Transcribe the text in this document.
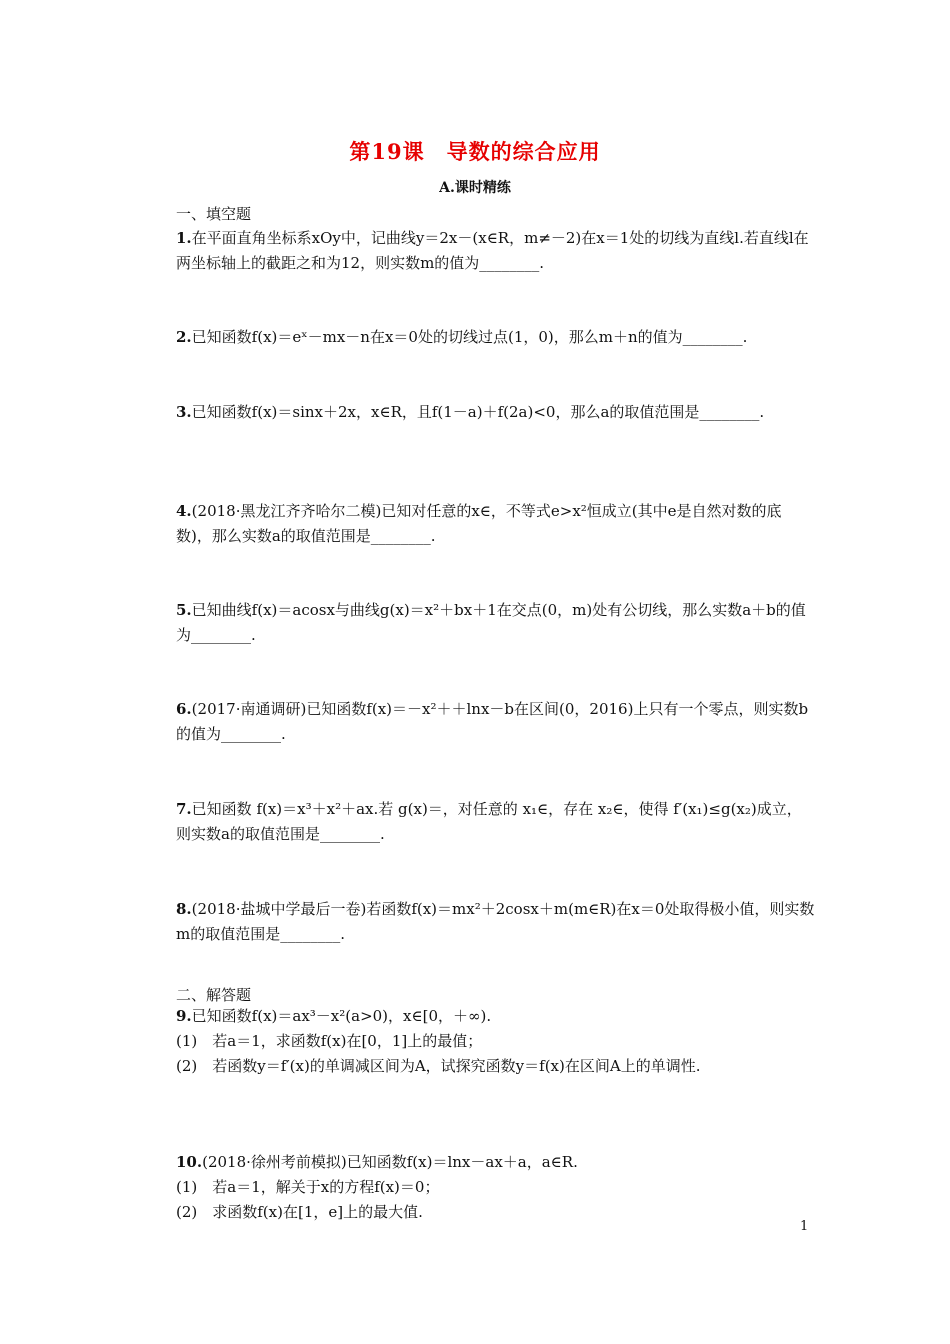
第19课　导数的综合应用
A.课时精练
一、填空题
1.在平面直角坐标系xOy中，记曲线y＝2x－(x∈R，m≠－2)在x＝1处的切线为直线l.若直线l在两坐标轴上的截距之和为12，则实数m的值为________.
2.已知函数f(x)＝eˣ－mx－n在x＝0处的切线过点(1，0)，那么m＋n的值为________.
3.已知函数f(x)＝sinx＋2x，x∈R，且f(1－a)＋f(2a)<0，那么a的取值范围是________.
4.(2018·黑龙江齐齐哈尔二模)已知对任意的x∈，不等式e>x²恒成立(其中e是自然对数的底数)，那么实数a的取值范围是________.
5.已知曲线f(x)＝acosx与曲线g(x)＝x²＋bx＋1在交点(0，m)处有公切线，那么实数a＋b的值为________.
6.(2017·南通调研)已知函数f(x)＝－x²＋＋lnx－b在区间(0，2016)上只有一个零点，则实数b的值为________.
7.已知函数 f(x)＝x³＋x²＋ax.若 g(x)＝，对任意的 x₁∈，存在 x₂∈，使得 f′(x₁)≤g(x₂)成立，则实数a的取值范围是________.
8.(2018·盐城中学最后一卷)若函数f(x)＝mx²＋2cosx＋m(m∈R)在x＝0处取得极小值，则实数m的取值范围是________.
二、解答题
9.已知函数f(x)＝ax³－x²(a>0)，x∈[0，＋∞).
(1)　若a＝1，求函数f(x)在[0，1]上的最值；
(2)　若函数y＝f′(x)的单调减区间为A，试探究函数y＝f(x)在区间A上的单调性.
10.(2018·徐州考前模拟)已知函数f(x)＝lnx－ax＋a，a∈R.
(1)　若a＝1，解关于x的方程f(x)＝0；
(2)　求函数f(x)在[1，e]上的最大值.
1
